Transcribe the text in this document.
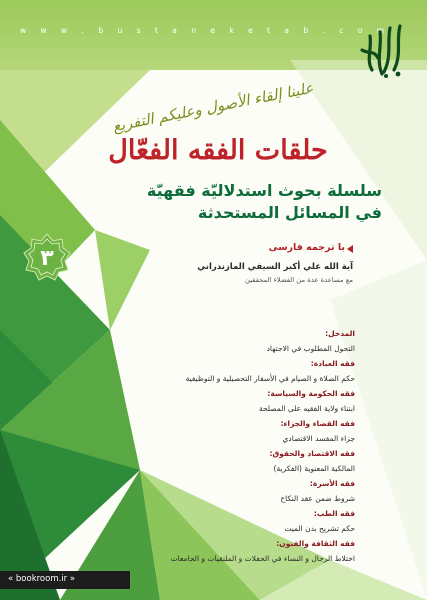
w w w . b u s t a n e k e t a b . c o m
علينا إلقاء الأصول وعليكم التفريع
حلقات الفقه الفعّال
سلسلة بحوث استدلاليّة فقهيّة
في المسائل المستحدثة
٣	با ترجمه فارسى
آية الله علي أكبر السيفي المازندراني
مع مساعدة عدة من الفضلاء المحققين
المدخل:
التحول المطلوب في الاجتهاد
فقه العبادة:
حكم الصلاة و الصيام في الأسفار التحصيلية و التوظيفية
فقه الحكومة والسياسة:
ابتناء ولاية الفقيه على المصلحة
فقه القضاء والجزاء:
جزاء المفسد الاقتصادي
فقه الاقتصاد والحقوق:
المالكية المعنوية (الفكرية)
فقه الأسرة:
شروط ضمن عقد النكاح
فقه الطب:
حكم تشريح بدن الميت
فقه الثقافة والفنون:
اختلاط الرجال و النساء في الحفلات و الملتقيات و الجامعات
« bookroom.ir »
